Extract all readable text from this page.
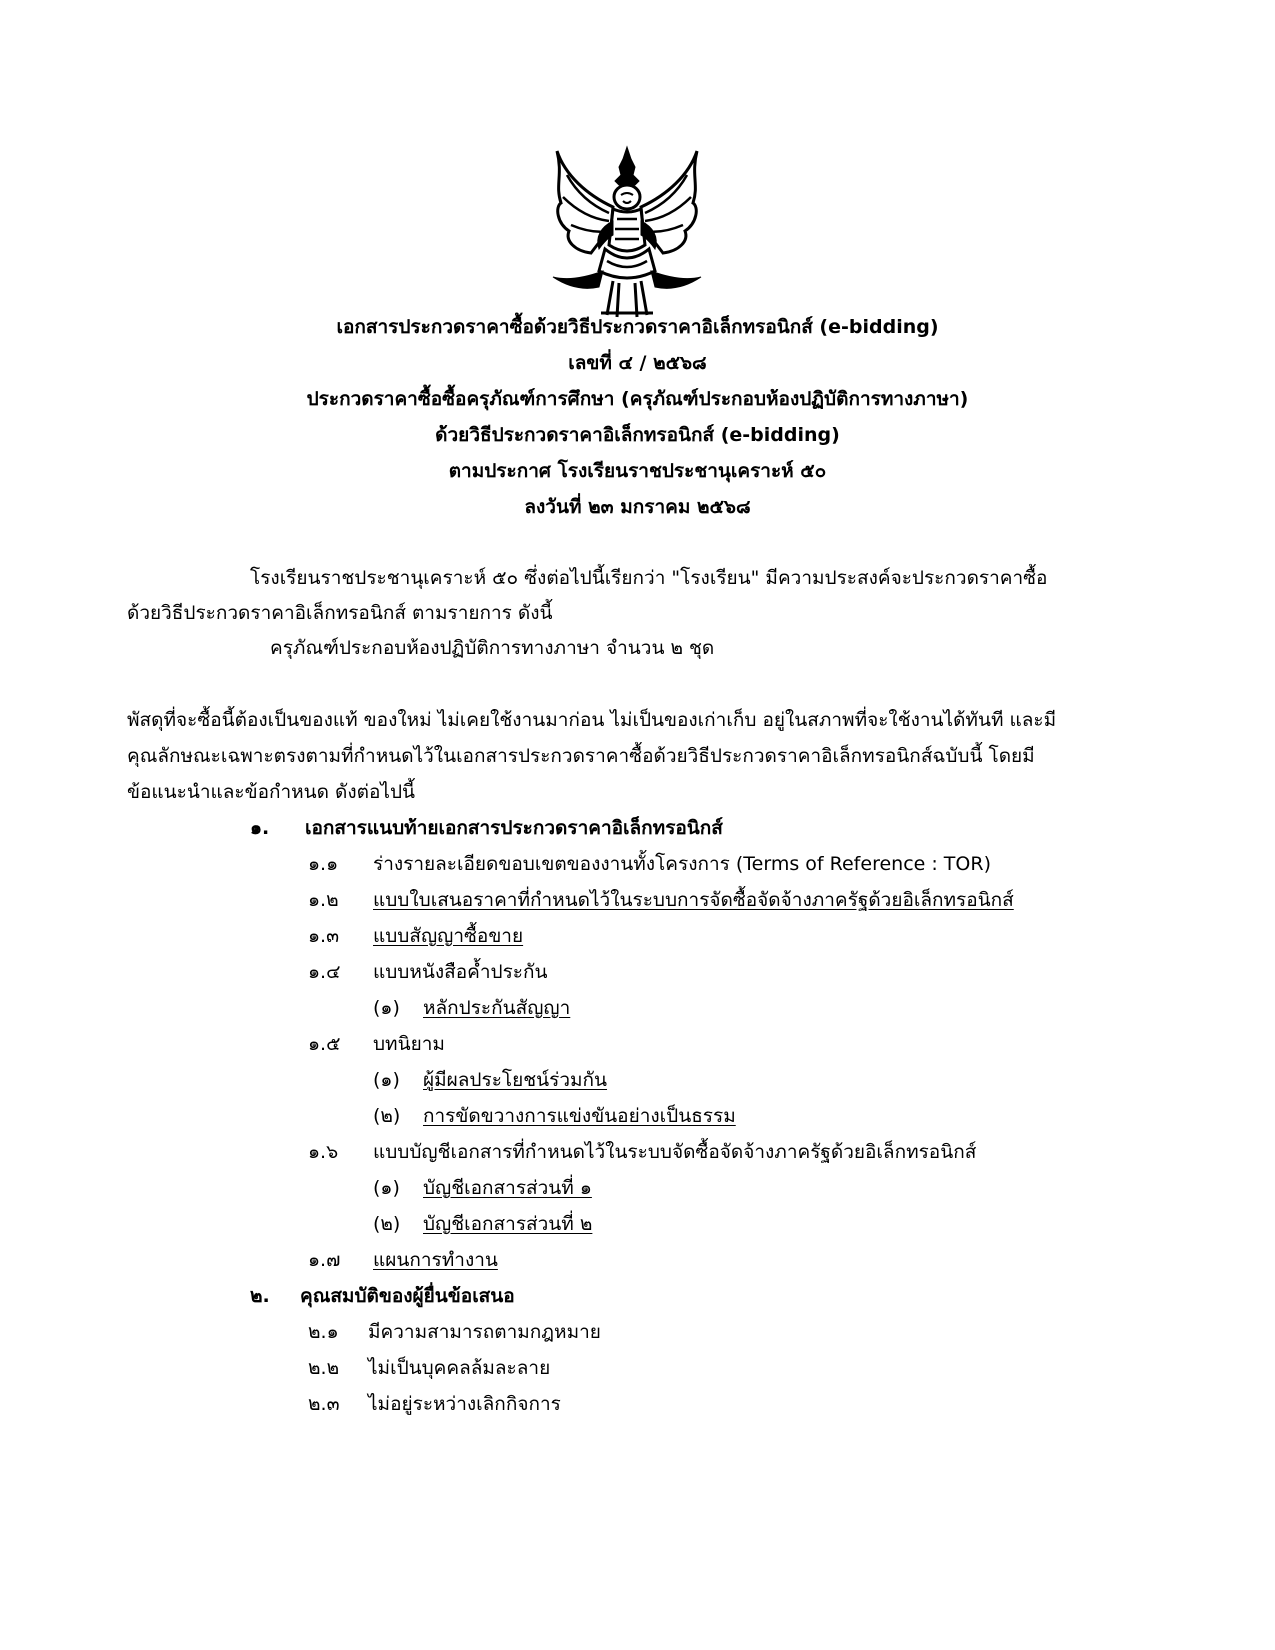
เอกสารประกวดราคาซื้อด้วยวิธีประกวดราคาอิเล็กทรอนิกส์ (e-bidding)
เลขที่ ๔ / ๒๕๖๘
ประกวดราคาซื้อซื้อครุภัณฑ์การศึกษา (ครุภัณฑ์ประกอบห้องปฏิบัติการทางภาษา)
ด้วยวิธีประกวดราคาอิเล็กทรอนิกส์ (e-bidding)
ตามประกาศ โรงเรียนราชประชานุเคราะห์ ๕๐
ลงวันที่ ๒๓ มกราคม ๒๕๖๘
โรงเรียนราชประชานุเคราะห์ ๕๐ ซึ่งต่อไปนี้เรียกว่า "โรงเรียน" มีความประสงค์จะประกวดราคาซื้อ
ด้วยวิธีประกวดราคาอิเล็กทรอนิกส์ ตามรายการ ดังนี้
ครุภัณฑ์ประกอบห้องปฏิบัติการทางภาษา จำนวน ๒ ชุด
พัสดุที่จะซื้อนี้ต้องเป็นของแท้ ของใหม่ ไม่เคยใช้งานมาก่อน ไม่เป็นของเก่าเก็บ อยู่ในสภาพที่จะใช้งานได้ทันที และมี
คุณลักษณะเฉพาะตรงตามที่กำหนดไว้ในเอกสารประกวดราคาซื้อด้วยวิธีประกวดราคาอิเล็กทรอนิกส์ฉบับนี้ โดยมี
ข้อแนะนำและข้อกำหนด ดังต่อไปนี้
๑. เอกสารแนบท้ายเอกสารประกวดราคาอิเล็กทรอนิกส์
๑.๑ ร่างรายละเอียดขอบเขตของงานทั้งโครงการ (Terms of Reference : TOR)
๑.๒ แบบใบเสนอราคาที่กำหนดไว้ในระบบการจัดซื้อจัดจ้างภาครัฐด้วยอิเล็กทรอนิกส์
๑.๓ แบบสัญญาซื้อขาย
๑.๔ แบบหนังสือค้ำประกัน
(๑) หลักประกันสัญญา
๑.๕ บทนิยาม
(๑) ผู้มีผลประโยชน์ร่วมกัน
(๒) การขัดขวางการแข่งขันอย่างเป็นธรรม
๑.๖ แบบบัญชีเอกสารที่กำหนดไว้ในระบบจัดซื้อจัดจ้างภาครัฐด้วยอิเล็กทรอนิกส์
(๑) บัญชีเอกสารส่วนที่ ๑
(๒) บัญชีเอกสารส่วนที่ ๒
๑.๗ แผนการทำงาน
๒. คุณสมบัติของผู้ยื่นข้อเสนอ
๒.๑ มีความสามารถตามกฎหมาย
๒.๒ ไม่เป็นบุคคลล้มละลาย
๒.๓ ไม่อยู่ระหว่างเลิกกิจการ
